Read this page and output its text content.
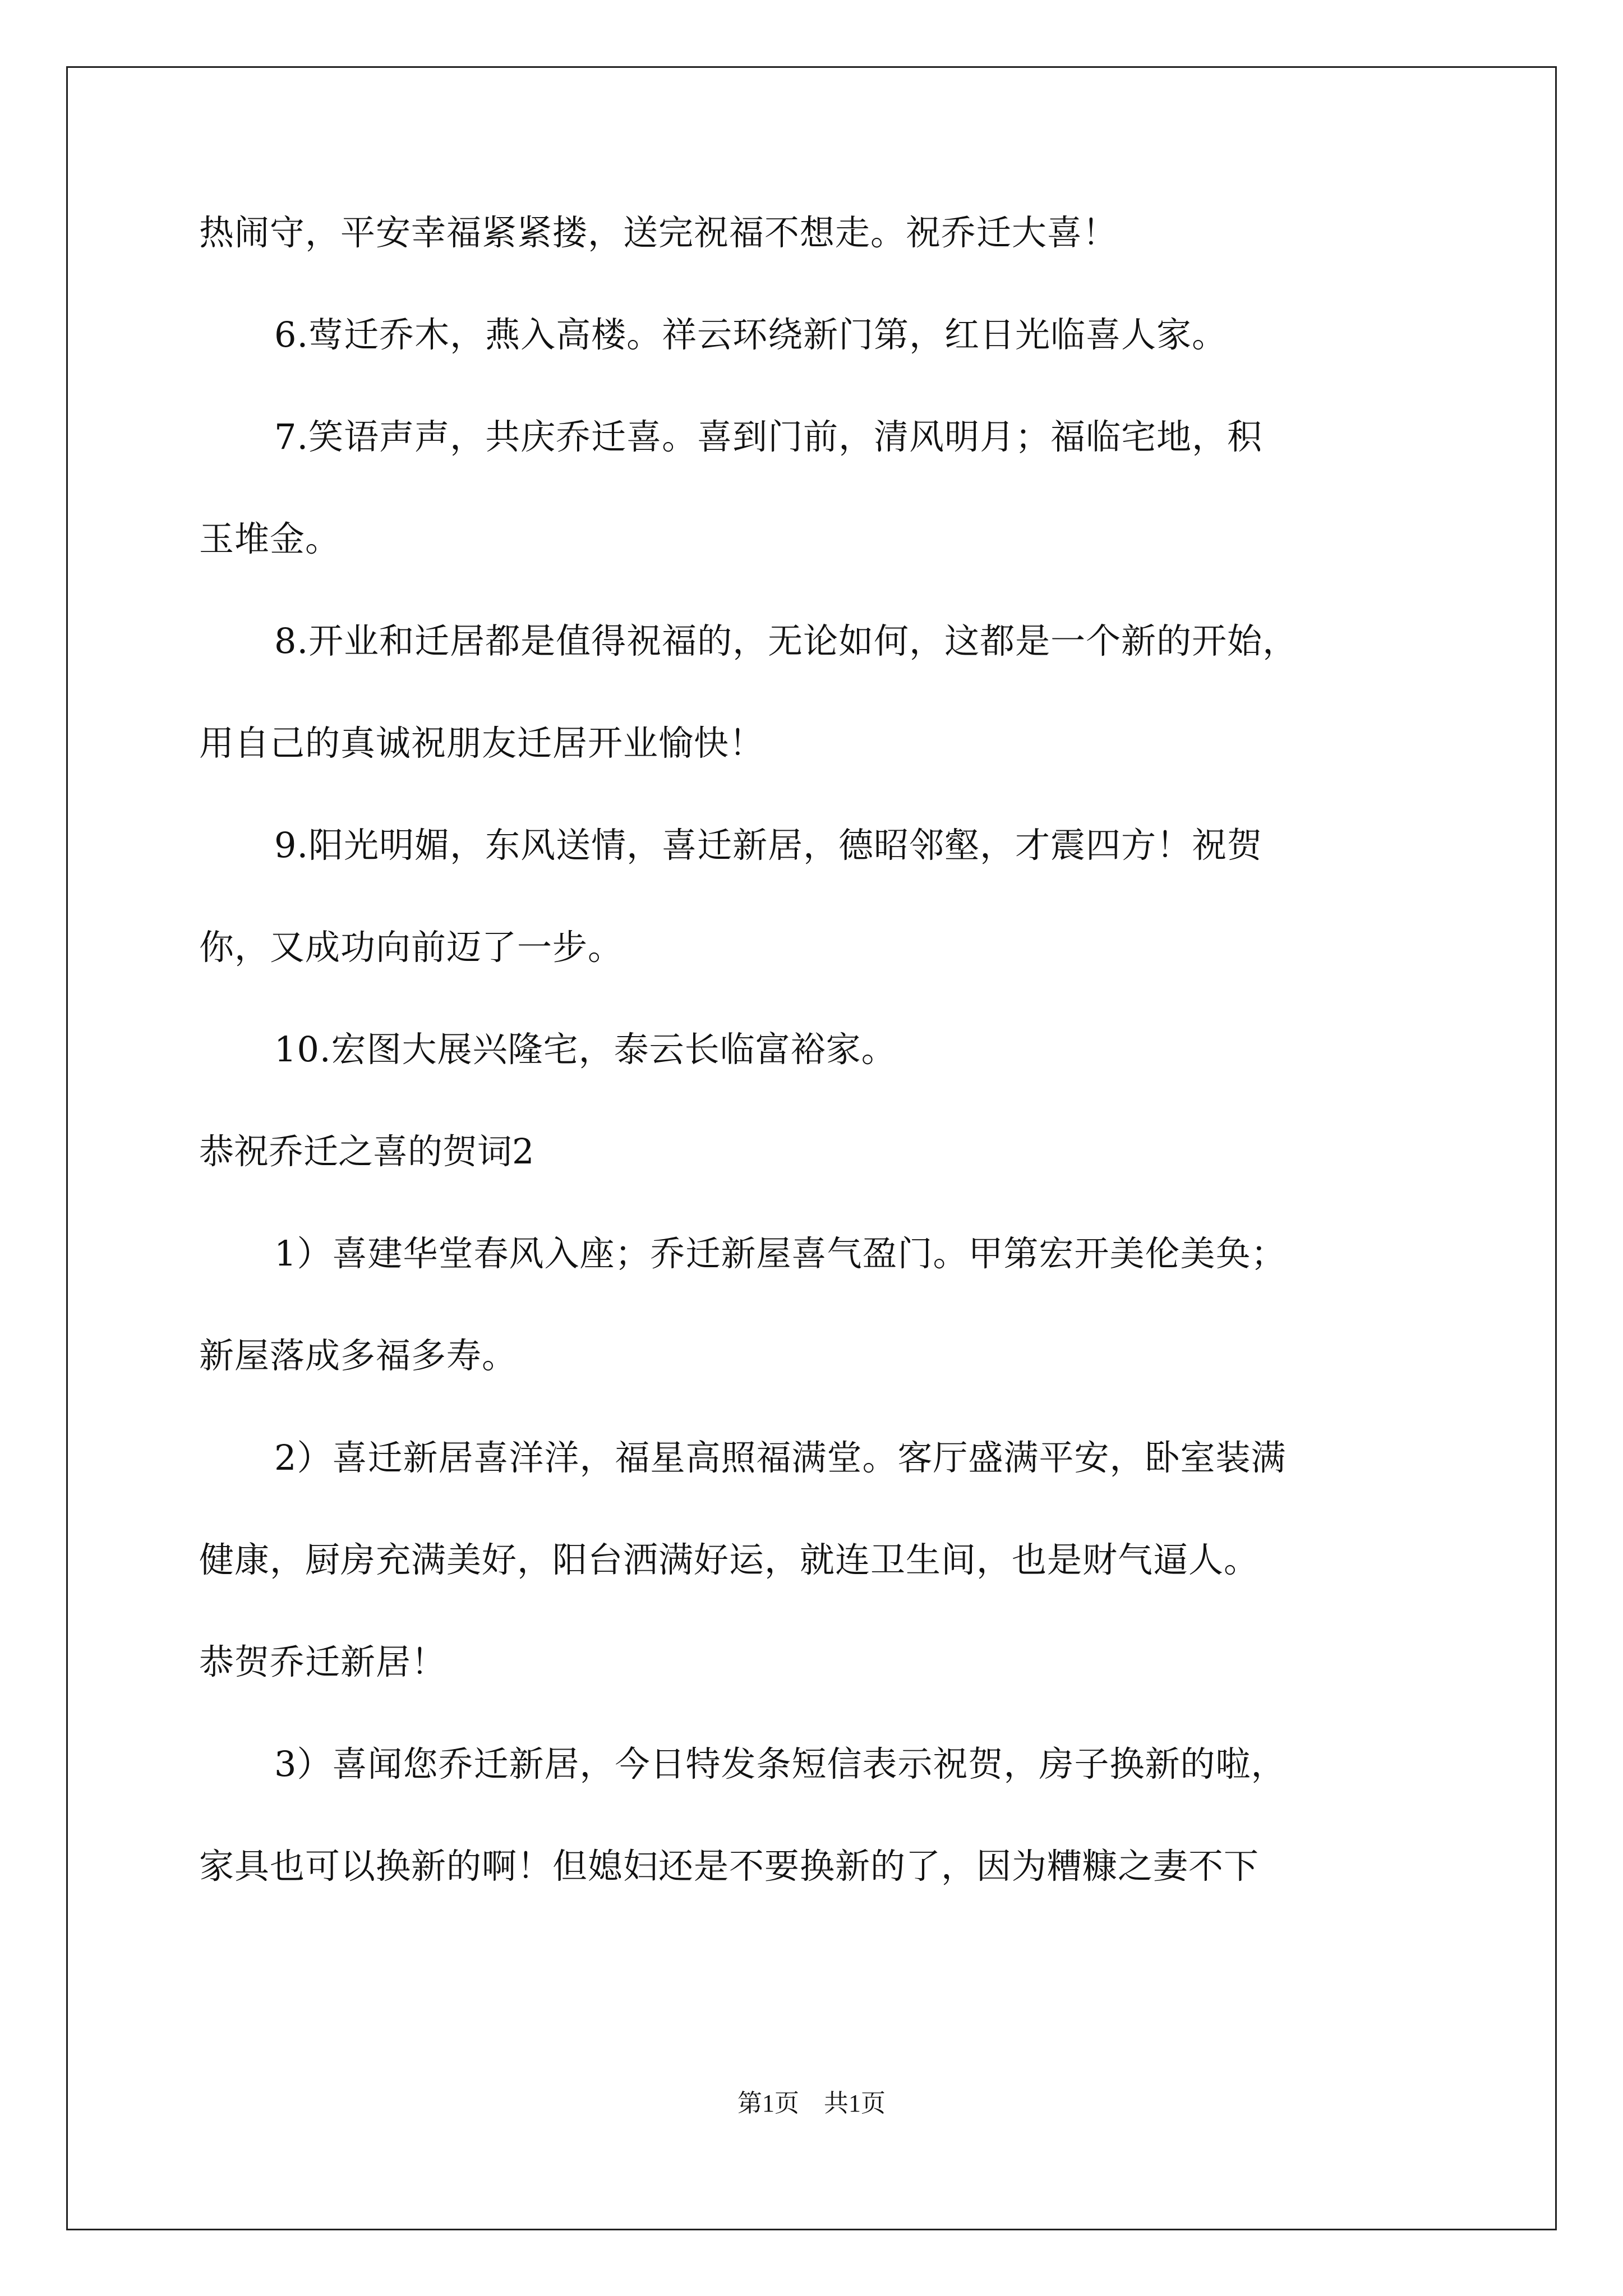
热闹守，平安幸福紧紧搂，送完祝福不想走。祝乔迁大喜！
6.莺迁乔木，燕入高楼。祥云环绕新门第，红日光临喜人家。
7.笑语声声，共庆乔迁喜。喜到门前，清风明月；福临宅地，积
玉堆金。
8.开业和迁居都是值得祝福的，无论如何，这都是一个新的开始，
用自己的真诚祝朋友迁居开业愉快！
9.阳光明媚，东风送情，喜迁新居，德昭邻壑，才震四方！祝贺
你，又成功向前迈了一步。
10.宏图大展兴隆宅，泰云长临富裕家。
恭祝乔迁之喜的贺词2
1）喜建华堂春风入座；乔迁新屋喜气盈门。甲第宏开美伦美奂；
新屋落成多福多寿。
2）喜迁新居喜洋洋，福星高照福满堂。客厅盛满平安，卧室装满
健康，厨房充满美好，阳台洒满好运，就连卫生间，也是财气逼人。
恭贺乔迁新居！
3）喜闻您乔迁新居，今日特发条短信表示祝贺，房子换新的啦，
家具也可以换新的啊！但媳妇还是不要换新的了，因为糟糠之妻不下
第1页　共1页
